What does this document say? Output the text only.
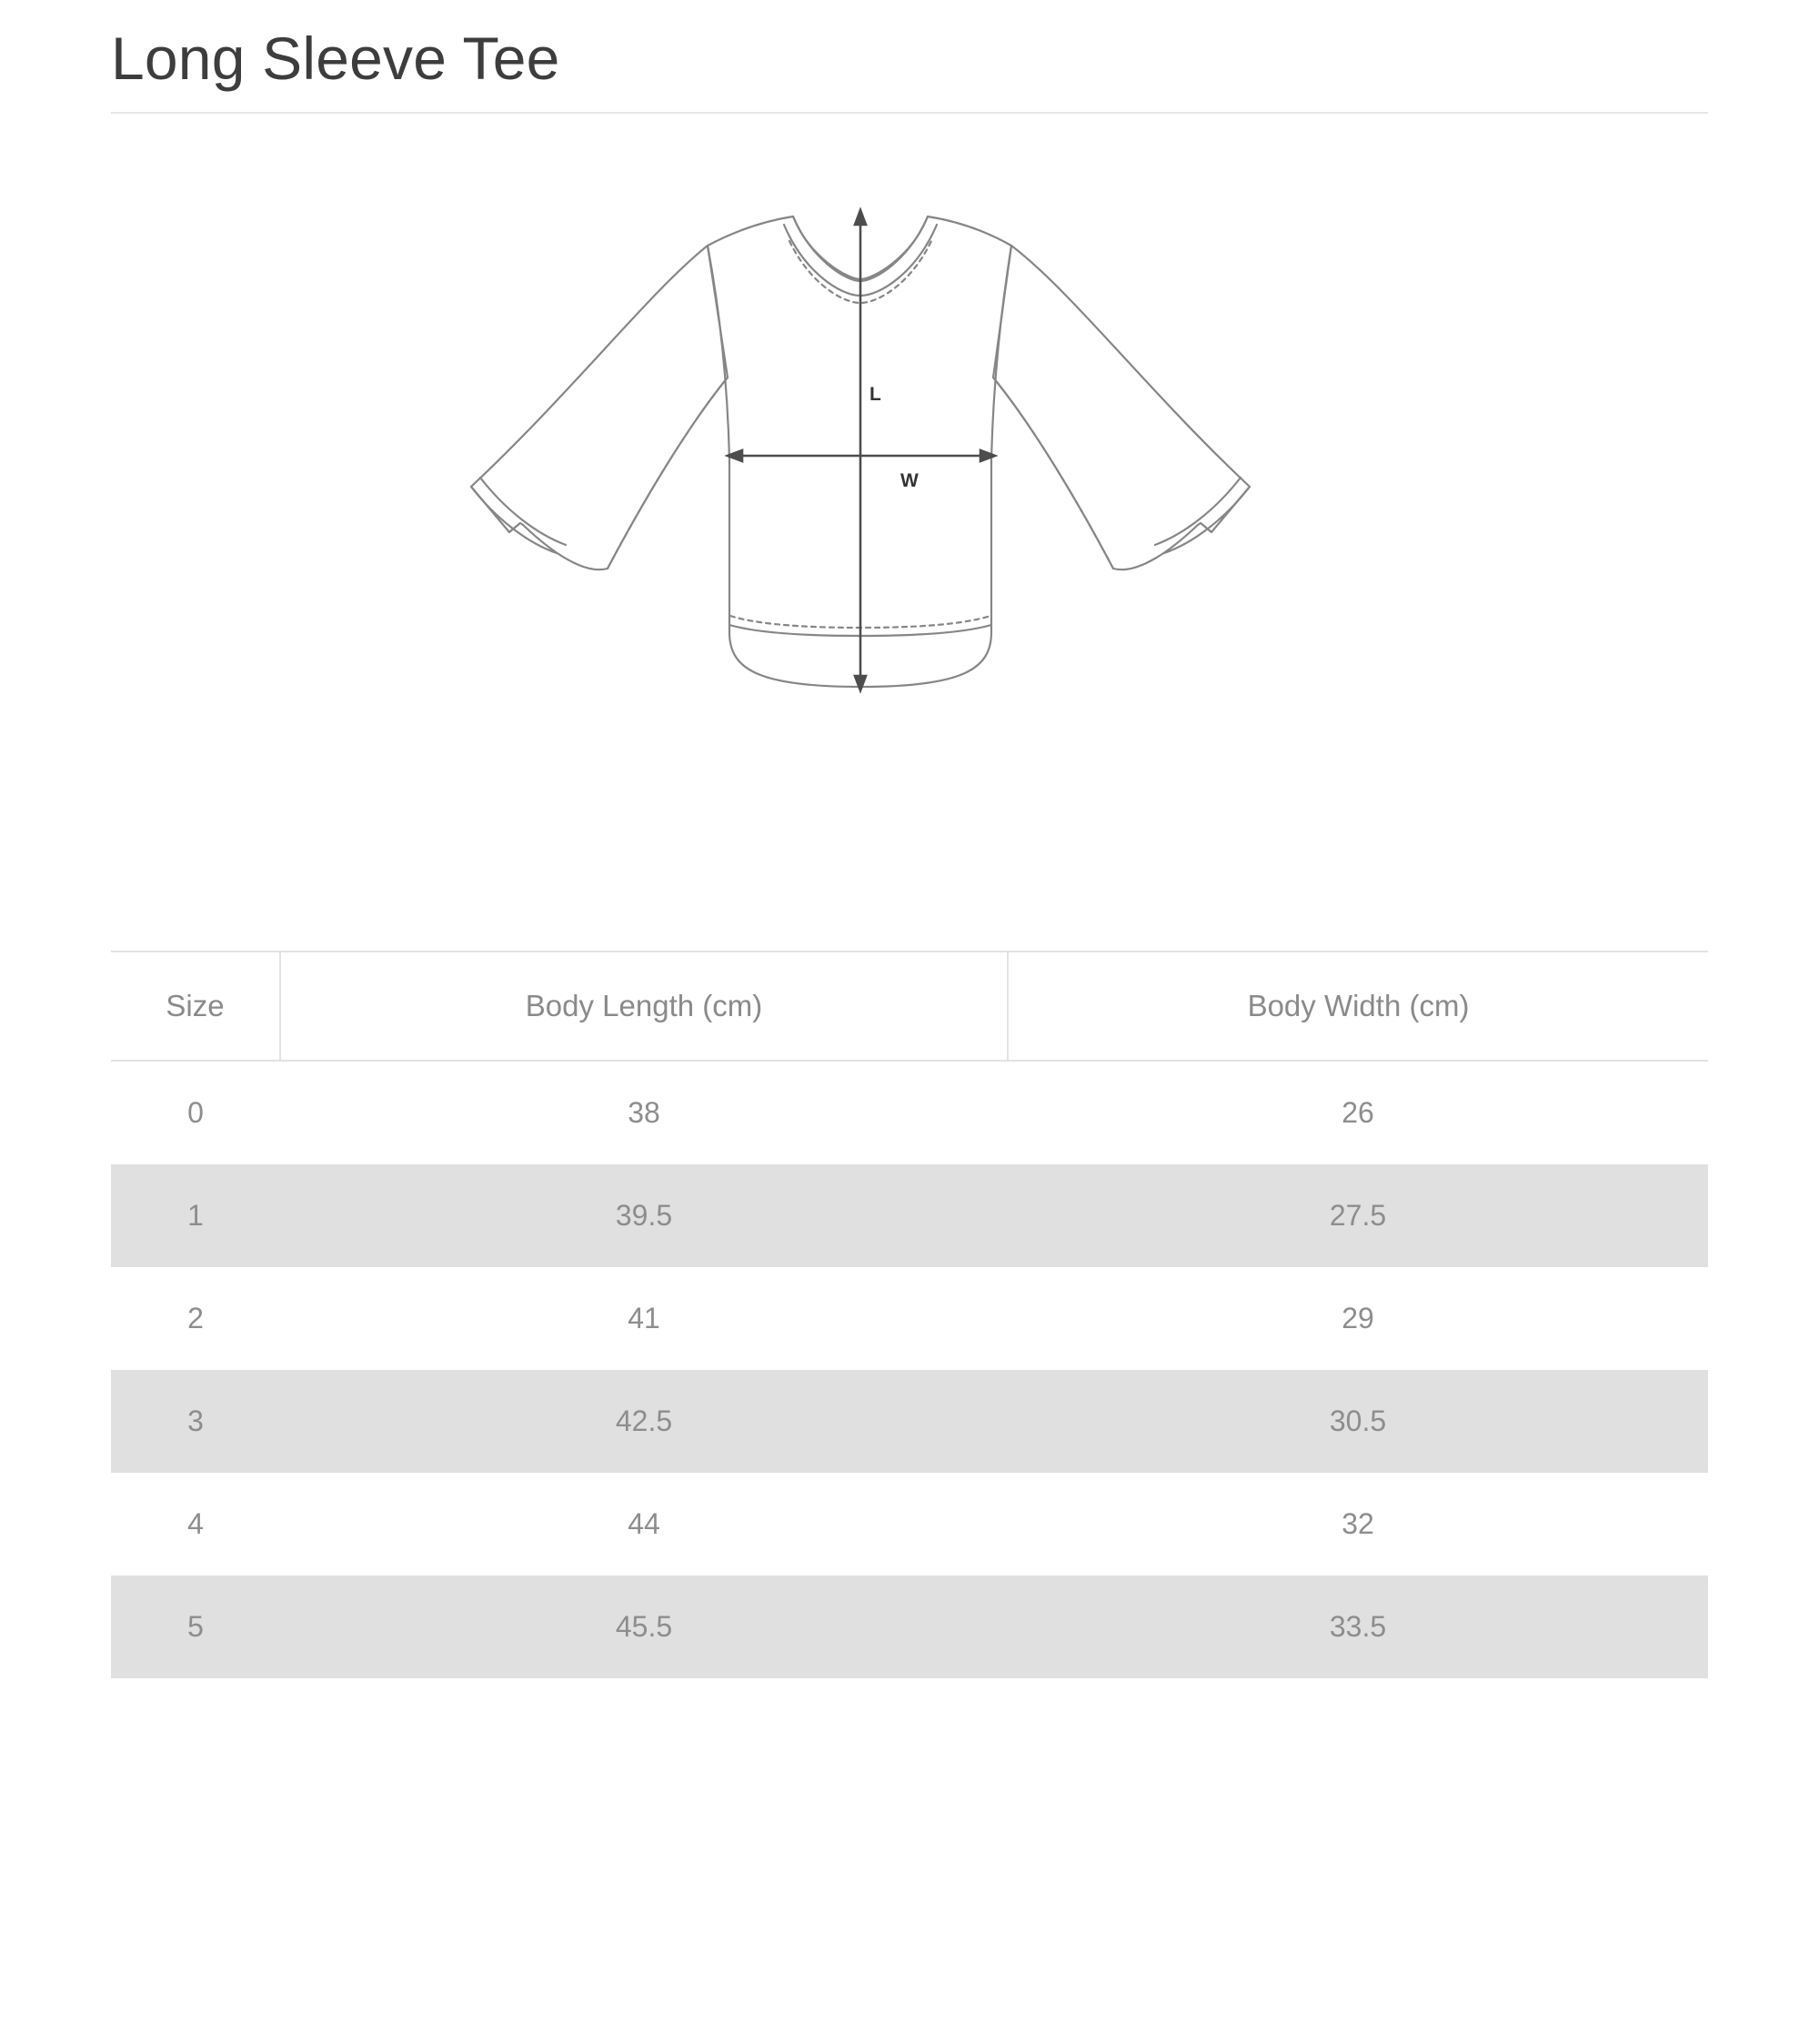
Long Sleeve Tee
L
W
Size	Body Length (cm)	Body Width (cm)
0	38	26
1	39.5	27.5
2	41	29
3	42.5	30.5
4	44	32
5	45.5	33.5
